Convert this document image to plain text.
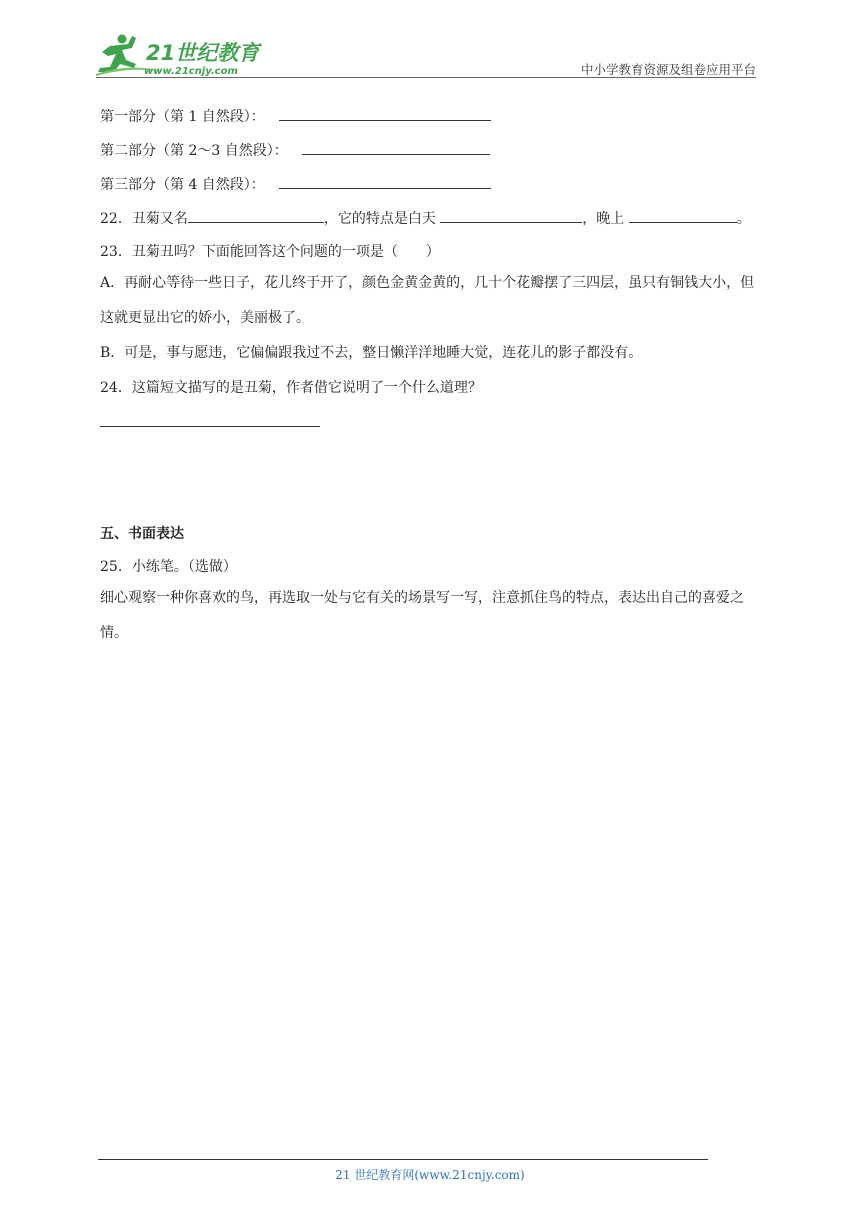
21世纪教育
www.21cnjy.com	中小学教育资源及组卷应用平台
第一部分（第 1 自然段）：
第二部分（第 2～3 自然段）：
第三部分（第 4 自然段）：
22．丑菊又名	，它的特点是白天	，晚上	。
23．丑菊丑吗？下面能回答这个问题的一项是（　　）
A．再耐心等待一些日子，花儿终于开了，颜色金黄金黄的，几十个花瓣摆了三四层，虽只有铜钱大小，但这就更显出它的娇小，美丽极了。
B．可是，事与愿违，它偏偏跟我过不去，整日懒洋洋地睡大觉，连花儿的影子都没有。
24．这篇短文描写的是丑菊，作者借它说明了一个什么道理？
五、书面表达
25．小练笔。（选做）
细心观察一种你喜欢的鸟，再选取一处与它有关的场景写一写，注意抓住鸟的特点，表达出自己的喜爱之情。
21 世纪教育网(www.21cnjy.com)
